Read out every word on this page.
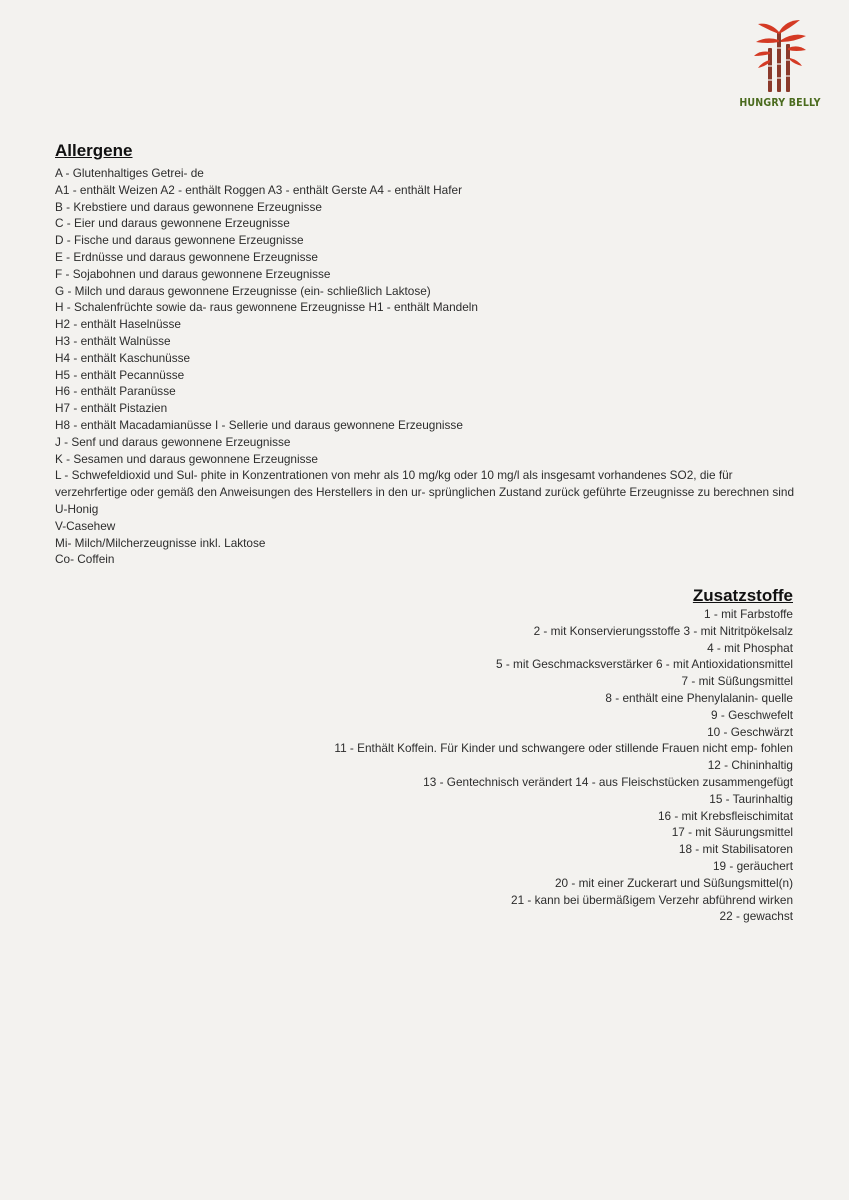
HUNGRY BELLY
Allergene
A - Glutenhaltiges Getrei- de
A1 - enthält Weizen A2 - enthält Roggen A3 - enthält Gerste A4 - enthält Hafer
B - Krebstiere und daraus gewonnene Erzeugnisse
C - Eier und daraus gewonnene Erzeugnisse
D - Fische und daraus gewonnene Erzeugnisse
E - Erdnüsse und daraus gewonnene Erzeugnisse
F - Sojabohnen und daraus gewonnene Erzeugnisse
G - Milch und daraus gewonnene Erzeugnisse (ein- schließlich Laktose)
H - Schalenfrüchte sowie da- raus gewonnene Erzeugnisse H1 - enthält Mandeln
H2 - enthält Haselnüsse
H3 - enthält Walnüsse
H4 - enthält Kaschunüsse
H5 - enthält Pecannüsse
H6 - enthält Paranüsse
H7 - enthält Pistazien
H8 - enthält Macadamianüsse I - Sellerie und daraus gewonnene Erzeugnisse
J - Senf und daraus gewonnene Erzeugnisse
K - Sesamen und daraus gewonnene Erzeugnisse
L - Schwefeldioxid und Sul- phite in Konzentrationen von mehr als 10 mg/kg oder 10 mg/l als insgesamt vorhandenes SO2, die für verzehrfertige oder gemäß den Anweisungen des Herstellers in den ur- sprünglichen Zustand zurück geführte Erzeugnisse zu berechnen sind
U-Honig
V-Casehew
Mi- Milch/Milcherzeugnisse inkl. Laktose
Co- Coffein
Zusatzstoffe
1 - mit Farbstoffe
2 - mit Konservierungsstoffe 3 - mit Nitritpökelsalz
4 - mit Phosphat
5 - mit Geschmacksverstärker 6 - mit Antioxidationsmittel
7 - mit Süßungsmittel
8 - enthält eine Phenylalanin- quelle
9 - Geschwefelt
10 - Geschwärzt
11 - Enthält Koffein. Für Kinder und schwangere oder stillende Frauen nicht emp- fohlen
12 - Chininhaltig
13 - Gentechnisch verändert 14 - aus Fleischstücken zusammengefügt
15 - Taurinhaltig
16 - mit Krebsfleischimitat
17 - mit Säurungsmittel
18 - mit Stabilisatoren
19 - geräuchert
20 - mit einer Zuckerart und Süßungsmittel(n)
21 - kann bei übermäßigem Verzehr abführend wirken
22 - gewachst
